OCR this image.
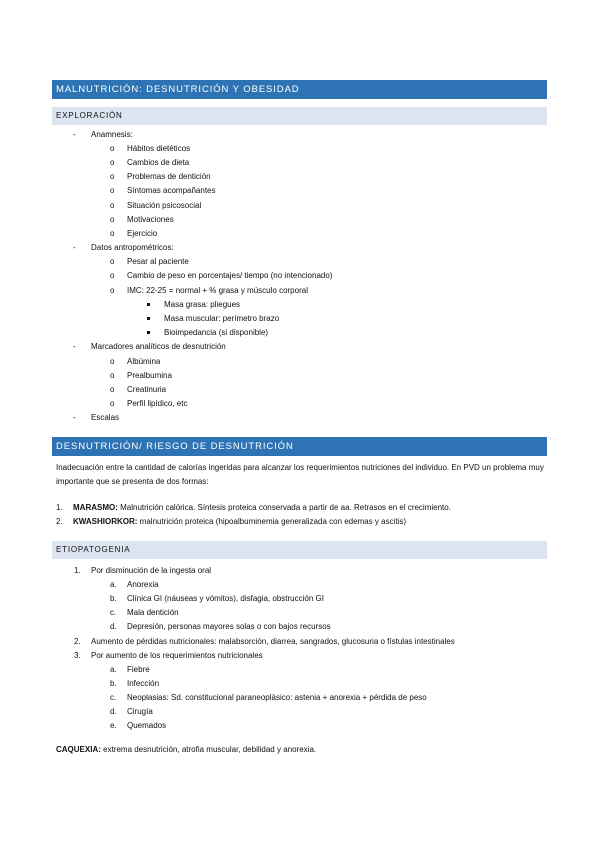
MALNUTRICIÓN: DESNUTRICIÓN Y OBESIDAD
EXPLORACIÓN
- Anamnesis:
o Hábitos dietéticos
o Cambios de dieta
o Problemas de dentición
o Síntomas acompañantes
o Situación psicosocial
o Motivaciones
o Ejercicio
- Datos antropométricos:
o Pesar al paciente
o Cambio de peso en porcentajes/ tiempo (no intencionado)
o IMC: 22-25 = normal + % grasa y músculo corporal
Masa grasa: pliegues
Masa muscular: perímetro brazo
Bioimpedancia (si disponible)
- Marcadores analíticos de desnutrición
o Albúmina
o Prealbumina
o Creatinuria
o Perfil lipídico, etc
- Escalas
DESNUTRICIÓN/ RIESGO DE DESNUTRICIÓN
Inadecuación entre la cantidad de calorías ingeridas para alcanzar los requerimientos nutriciones del individuo. En PVD un problema muy importante que se presenta de dos formas:
1. MARASMO: Malnutrición calórica. Síntesis proteica conservada a partir de aa. Retrasos en el crecimiento.
2. KWASHIORKOR: malnutrición proteica (hipoalbuminemia generalizada con edemas y ascitis)
ETIOPATOGENIA
1. Por disminución de la ingesta oral
a. Anorexia
b. Clínica GI (náuseas y vómitos), disfagia, obstrucción GI
c. Mala dentición
d. Depresión, personas mayores solas o con bajos recursos
2. Aumento de pérdidas nutricionales: malabsorción, diarrea, sangrados, glucosuria o fístulas intestinales
3. Por aumento de los requerimientos nutricionales
a. Fiebre
b. Infección
c. Neoplasias: Sd. constitucional paraneoplásico: astenia + anorexia + pérdida de peso
d. Cirugía
e. Quemados
CAQUEXIA: extrema desnutrición, atrofia muscular, debilidad y anorexia.
